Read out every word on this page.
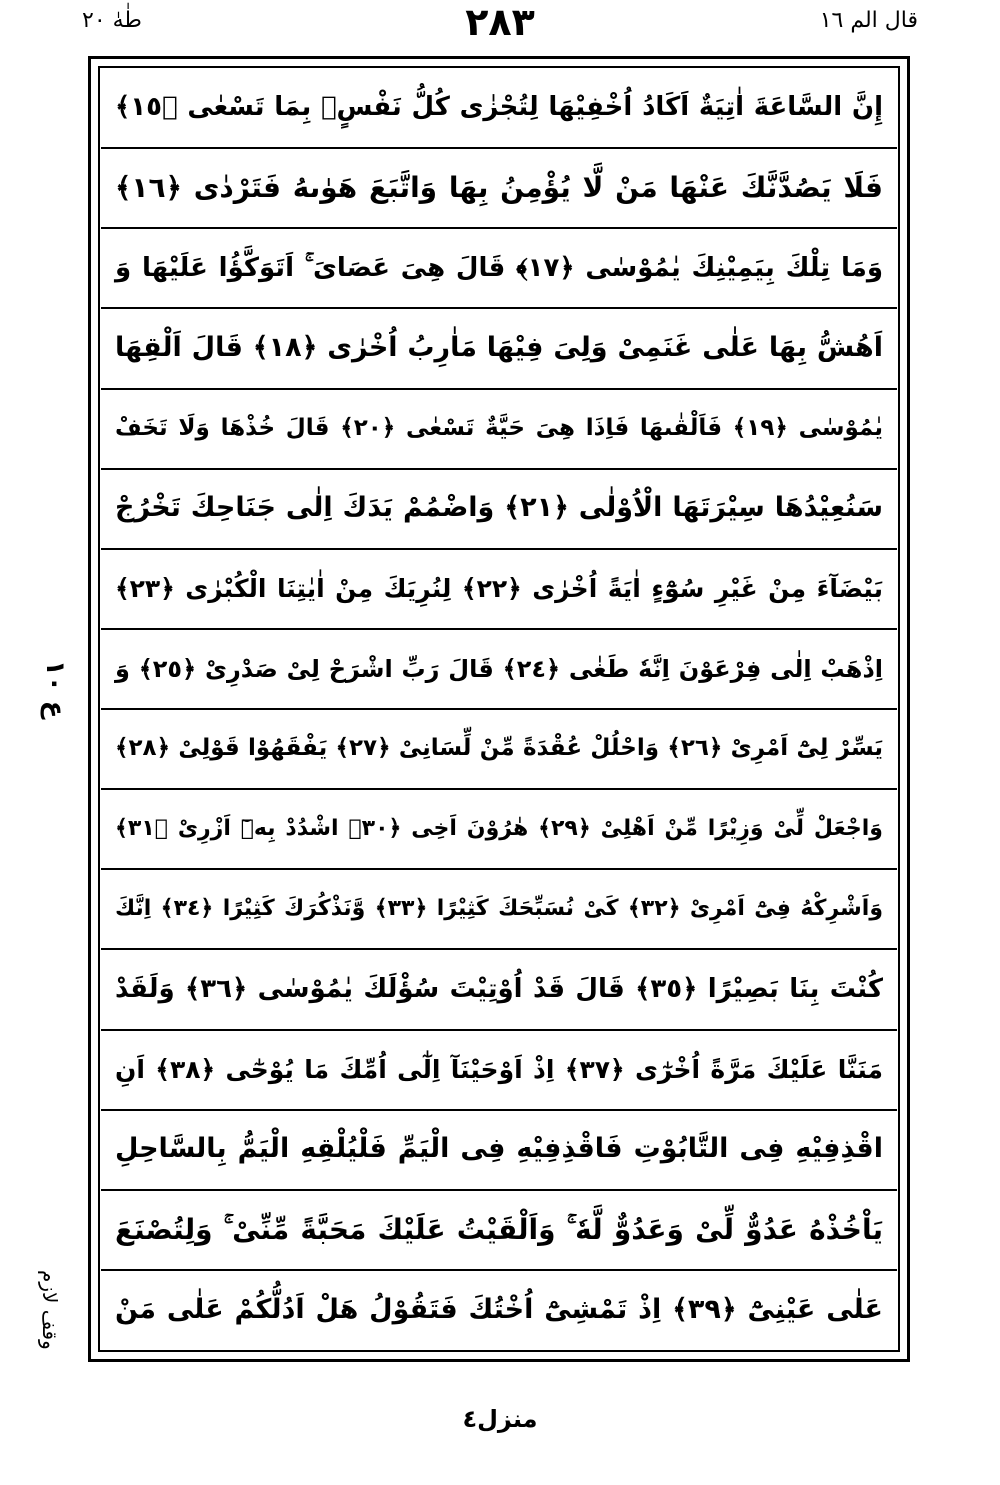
طٰهٰ ٢٠	٢٨٣	قال الم ١٦
إِنَّ السَّاعَةَ اٰتِيَةٌ اَكَادُ اُخْفِيْهَا لِتُجْزٰى كُلُّ نَفْسٍۭ بِمَا تَسْعٰى ﴿١٥﴾
فَلَا يَصُدَّنَّكَ عَنْهَا مَنْ لَّا يُؤْمِنُ بِهَا وَاتَّبَعَ هَوٰىهُ فَتَرْدٰى ﴿١٦﴾
وَمَا تِلْكَ بِيَمِيْنِكَ يٰمُوْسٰى ﴿١٧﴾ قَالَ هِىَ عَصَاىَ ۚ اَتَوَكَّؤُا عَلَيْهَا وَ
اَهُشُّ بِهَا عَلٰى غَنَمِىْ وَلِىَ فِيْهَا مَاٰرِبُ اُخْرٰى ﴿١٨﴾ قَالَ اَلْقِهَا
يٰمُوْسٰى ﴿١٩﴾ فَاَلْقٰىهَا فَاِذَا هِىَ حَيَّةٌ تَسْعٰى ﴿٢٠﴾ قَالَ خُذْهَا وَلَا تَخَفْ
سَنُعِيْدُهَا سِيْرَتَهَا الْاُوْلٰى ﴿٢١﴾ وَاضْمُمْ يَدَكَ اِلٰى جَنَاحِكَ تَخْرُجْ
بَيْضَآءَ مِنْ غَيْرِ سُوْٓءٍ اٰيَةً اُخْرٰى ﴿٢٢﴾ لِنُرِيَكَ مِنْ اٰيٰتِنَا الْكُبْرٰى ﴿٢٣﴾
اِذْهَبْ اِلٰى فِرْعَوْنَ اِنَّهٗ طَغٰى ﴿٢٤﴾ قَالَ رَبِّ اشْرَحْ لِىْ صَدْرِىْ ﴿٢٥﴾ وَ
يَسِّرْ لِىْٓ اَمْرِىْ ﴿٢٦﴾ وَاحْلُلْ عُقْدَةً مِّنْ لِّسَانِىْ ﴿٢٧﴾ يَفْقَهُوْا قَوْلِىْ ﴿٢٨﴾
وَاجْعَلْ لِّىْ وَزِيْرًا مِّنْ اَهْلِىْ ﴿٢٩﴾ هٰرُوْنَ اَخِى ﴿٣٠﴾ اشْدُدْ بِهٖٓ اَزْرِىْ ﴿٣١﴾
وَاَشْرِكْهُ فِىْٓ اَمْرِىْ ﴿٣٢﴾ كَىْ نُسَبِّحَكَ كَثِيْرًا ﴿٣٣﴾ وَّنَذْكُرَكَ كَثِيْرًا ﴿٣٤﴾ اِنَّكَ
كُنْتَ بِنَا بَصِيْرًا ﴿٣٥﴾ قَالَ قَدْ اُوْتِيْتَ سُؤْلَكَ يٰمُوْسٰى ﴿٣٦﴾ وَلَقَدْ
مَنَنَّا عَلَيْكَ مَرَّةً اُخْرٰٓى ﴿٣٧﴾ اِذْ اَوْحَيْنَآ اِلٰٓى اُمِّكَ مَا يُوْحٰٓى ﴿٣٨﴾ اَنِ
اقْذِفِيْهِ فِى التَّابُوْتِ فَاقْذِفِيْهِ فِى الْيَمِّ فَلْيُلْقِهِ الْيَمُّ بِالسَّاحِلِ
يَاْخُذْهُ عَدُوٌّ لِّىْ وَعَدُوٌّ لَّهٗ ۚ وَاَلْقَيْتُ عَلَيْكَ مَحَبَّةً مِّنِّىْ ۚ وَلِتُصْنَعَ
عَلٰى عَيْنِىْٓ ﴿٣٩﴾ اِذْ تَمْشِىْٓ اُخْتُكَ فَتَقُوْلُ هَلْ اَدُلُّكُمْ عَلٰى مَنْ
ع ١٠
وقف لازم
منزل٤
